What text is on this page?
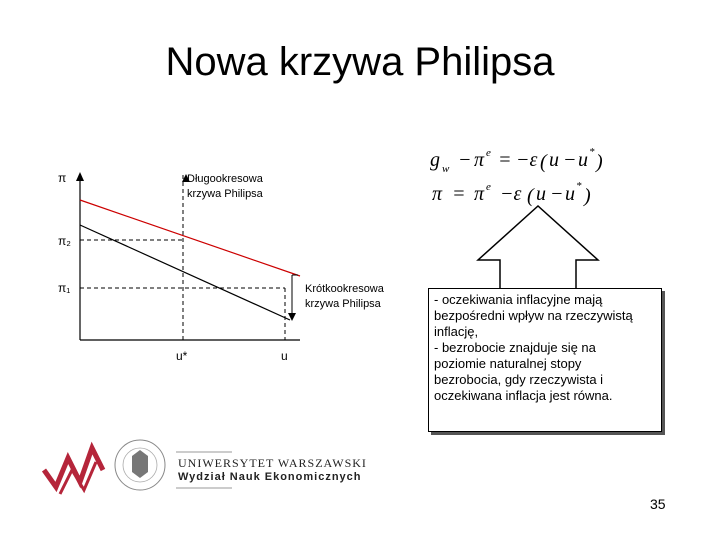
Nowa krzywa Philipsa
π	Długookresowa
krzywa Philipsa
Krótkookresowa
krzywa Philipsa
π₂
π₁
u*	u
g w − π e = −ε ( u − u * )
π = π e −ε ( u − u * )
- oczekiwania inflacyjne mają
bezpośredni wpływ na rzeczywistą
inflację,
- bezrobocie znajduje się na
poziomie naturalnej stopy
bezrobocia, gdy rzeczywista i
oczekiwana inflacja jest równa.
UNIWERSYTET WARSZAWSKI
Wydział Nauk Ekonomicznych
35
